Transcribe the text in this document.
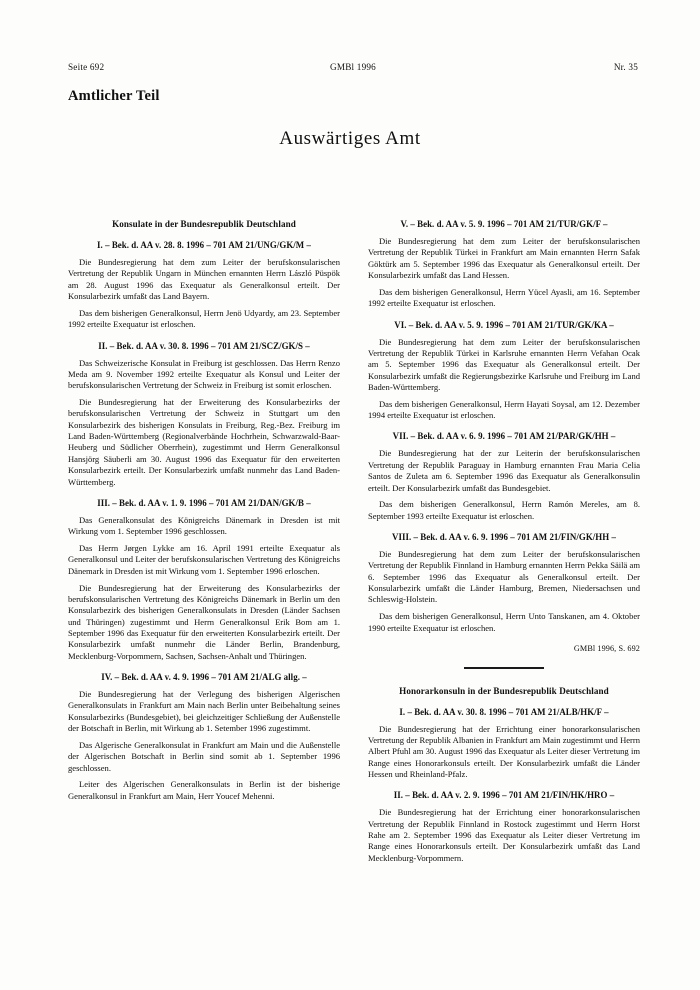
Seite 692	GMBl 1996	Nr. 35
Amtlicher Teil
Auswärtiges Amt
Konsulate in der Bundesrepublik Deutschland
I. – Bek. d. AA v. 28. 8. 1996 – 701 AM 21/UNG/GK/M –

Die Bundesregierung hat dem zum Leiter der berufskonsularischen Vertretung der Republik Ungarn in München ernannten Herrn László Püspök am 28. August 1996 das Exequatur als Generalkonsul erteilt. Der Konsularbezirk umfaßt das Land Bayern.

Das dem bisherigen Generalkonsul, Herrn Jenö Udyardy, am 23. September 1992 erteilte Exequatur ist erloschen.

II. – Bek. d. AA v. 30. 8. 1996 – 701 AM 21/SCZ/GK/S –

Das Schweizerische Konsulat in Freiburg ist geschlossen. Das Herrn Renzo Meda am 9. November 1992 erteilte Exequatur als Konsul und Leiter der berufskonsularischen Vertretung der Schweiz in Freiburg ist somit erloschen.

Die Bundesregierung hat der Erweiterung des Konsularbezirks der berufskonsularischen Vertretung der Schweiz in Stuttgart um den Konsularbezirk des bisherigen Konsulats in Freiburg, Reg.-Bez. Freiburg im Land Baden-Württemberg (Regionalverbände Hochrhein, Schwarzwald-Baar-Heuberg und Südlicher Oberrhein), zugestimmt und Herrn Generalkonsul Hansjörg Säuberli am 30. August 1996 das Exequatur für den erweiterten Konsularbezirk erteilt. Der Konsularbezirk umfaßt nunmehr das Land Baden-Württemberg.

III. – Bek. d. AA v. 1. 9. 1996 – 701 AM 21/DAN/GK/B –

Das Generalkonsulat des Königreichs Dänemark in Dresden ist mit Wirkung vom 1. September 1996 geschlossen.

Das Herrn Jørgen Lykke am 16. April 1991 erteilte Exequatur als Generalkonsul und Leiter der berufskonsularischen Vertretung des Königreichs Dänemark in Dresden ist mit Wirkung vom 1. September 1996 erloschen.

Die Bundesregierung hat der Erweiterung des Konsularbezirks der berufskonsularischen Vertretung des Königreichs Dänemark in Berlin um den Konsularbezirk des bisherigen Generalkonsulats in Dresden (Länder Sachsen und Thüringen) zugestimmt und Herrn Generalkonsul Erik Bom am 1. September 1996 das Exequatur für den erweiterten Konsularbezirk erteilt. Der Konsularbezirk umfaßt nunmehr die Länder Berlin, Brandenburg, Mecklenburg-Vorpommern, Sachsen, Sachsen-Anhalt und Thüringen.

IV. – Bek. d. AA v. 4. 9. 1996 – 701 AM 21/ALG allg. –

Die Bundesregierung hat der Verlegung des bisherigen Algerischen Generalkonsulats in Frankfurt am Main nach Berlin unter Beibehaltung seines Konsularbezirks (Bundesgebiet), bei gleichzeitiger Schließung der Außenstelle der Botschaft in Berlin, mit Wirkung ab 1. Setember 1996 zugestimmt.

Das Algerische Generalkonsulat in Frankfurt am Main und die Außenstelle der Algerischen Botschaft in Berlin sind somit ab 1. September 1996 geschlossen.

Leiter des Algerischen Generalkonsulats in Berlin ist der bisherige Generalkonsul in Frankfurt am Main, Herr Youcef Mehenni.

V. – Bek. d. AA v. 5. 9. 1996 – 701 AM 21/TUR/GK/F –

Die Bundesregierung hat dem zum Leiter der berufskonsularischen Vertretung der Republik Türkei in Frankfurt am Main ernannten Herrn Safak Göktürk am 5. September 1996 das Exequatur als Generalkonsul erteilt. Der Konsularbezirk umfaßt das Land Hessen.

Das dem bisherigen Generalkonsul, Herrn Yücel Ayasli, am 16. September 1992 erteilte Exequatur ist erloschen.

VI. – Bek. d. AA v. 5. 9. 1996 – 701 AM 21/TUR/GK/KA –

Die Bundesregierung hat dem zum Leiter der berufskonsularischen Vertretung der Republik Türkei in Karlsruhe ernannten Herrn Vefahan Ocak am 5. September 1996 das Exequatur als Generalkonsul erteilt. Der Konsularbezirk umfaßt die Regierungsbezirke Karlsruhe und Freiburg im Land Baden-Württemberg.

Das dem bisherigen Generalkonsul, Herrn Hayati Soysal, am 12. Dezember 1994 erteilte Exequatur ist erloschen.

VII. – Bek. d. AA v. 6. 9. 1996 – 701 AM 21/PAR/GK/HH –

Die Bundesregierung hat der zur Leiterin der berufskonsularischen Vertretung der Republik Paraguay in Hamburg ernannten Frau Maria Celia Santos de Zuleta am 6. September 1996 das Exequatur als Generalkonsulin erteilt. Der Konsularbezirk umfaßt das Bundesgebiet.

Das dem bisherigen Generalkonsul, Herrn Ramón Mereles, am 8. September 1993 erteilte Exequatur ist erloschen.

VIII. – Bek. d. AA v. 6. 9. 1996 – 701 AM 21/FIN/GK/HH –

Die Bundesregierung hat dem zum Leiter der berufskonsularischen Vertretung der Republik Finnland in Hamburg ernannten Herrn Pekka Säilä am 6. September 1996 das Exequatur als Generalkonsul erteilt. Der Konsularbezirk umfaßt die Länder Hamburg, Bremen, Niedersachsen und Schleswig-Holstein.

Das dem bisherigen Generalkonsul, Herrn Unto Tanskanen, am 4. Oktober 1990 erteilte Exequatur ist erloschen.

GMBl 1996, S. 692
Honorarkonsuln in der Bundesrepublik Deutschland
I. – Bek. d. AA v. 30. 8. 1996 – 701 AM 21/ALB/HK/F –

Die Bundesregierung hat der Errichtung einer honorarkonsularischen Vertretung der Republik Albanien in Frankfurt am Main zugestimmt und Herrn Albert Pfuhl am 30. August 1996 das Exequatur als Leiter dieser Vertretung im Range eines Honorarkonsuls erteilt. Der Konsularbezirk umfaßt die Länder Hessen und Rheinland-Pfalz.

II. – Bek. d. AA v. 2. 9. 1996 – 701 AM 21/FIN/HK/HRO –

Die Bundesregierung hat der Errichtung einer honorarkonsularischen Vertretung der Republik Finnland in Rostock zugestimmt und Herrn Horst Rahe am 2. September 1996 das Exequatur als Leiter dieser Vertretung im Range eines Honorarkonsuls erteilt. Der Konsularbezirk umfaßt das Land Mecklenburg-Vorpommern.
